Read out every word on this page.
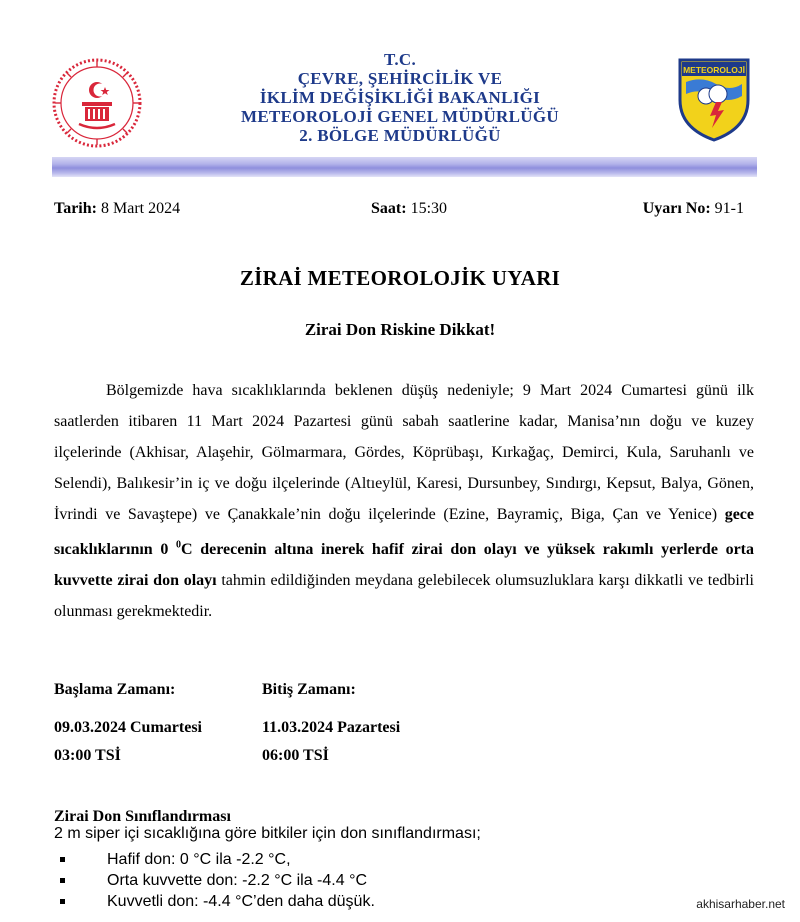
T.C.
ÇEVRE, ŞEHİRCİLİK VE
İKLİM DEĞİŞİKLİĞİ BAKANLIĞI
METEOROLOJİ GENEL MÜDÜRLÜĞÜ
2. BÖLGE MÜDÜRLÜĞÜ
METEOROLOJİ
Tarih: 8 Mart 2024	Saat: 15:30	Uyarı No: 91-1
ZİRAİ METEOROLOJİK UYARI
Zirai Don Riskine Dikkat!
Bölgemizde hava sıcaklıklarında beklenen düşüş nedeniyle; 9 Mart 2024 Cumartesi günü ilk saatlerden itibaren 11 Mart 2024 Pazartesi günü sabah saatlerine kadar, Manisa’nın doğu ve kuzey ilçelerinde (Akhisar, Alaşehir, Gölmarmara, Gördes, Köprübaşı, Kırkağaç, Demirci, Kula, Saruhanlı ve Selendi), Balıkesir’in iç ve doğu ilçelerinde (Altıeylül, Karesi, Dursunbey, Sındırgı, Kepsut, Balya, Gönen, İvrindi ve Savaştepe) ve Çanakkale’nin doğu ilçelerinde (Ezine, Bayramiç, Biga, Çan ve Yenice) gece sıcaklıklarının 0 $^0$C derecenin altına inerek hafif zirai don olayı ve yüksek rakımlı yerlerde orta kuvvette zirai don olayı tahmin edildiğinden meydana gelebilecek olumsuzluklara karşı dikkatli ve tedbirli olunması gerekmektedir.
Başlama Zamanı:	Bitiş Zamanı:
09.03.2024 Cumartesi	11.03.2024 Pazartesi
03:00 TSİ	06:00 TSİ
Zirai Don Sınıflandırması
2 m siper içi sıcaklığına göre bitkiler için don sınıflandırması;
Hafif don: 0 °C ila -2.2 °C,
Orta kuvvette don: -2.2 °C ila -4.4 °C
Kuvvetli don: -4.4 °C’den daha düşük.	akhisarhaber.net
